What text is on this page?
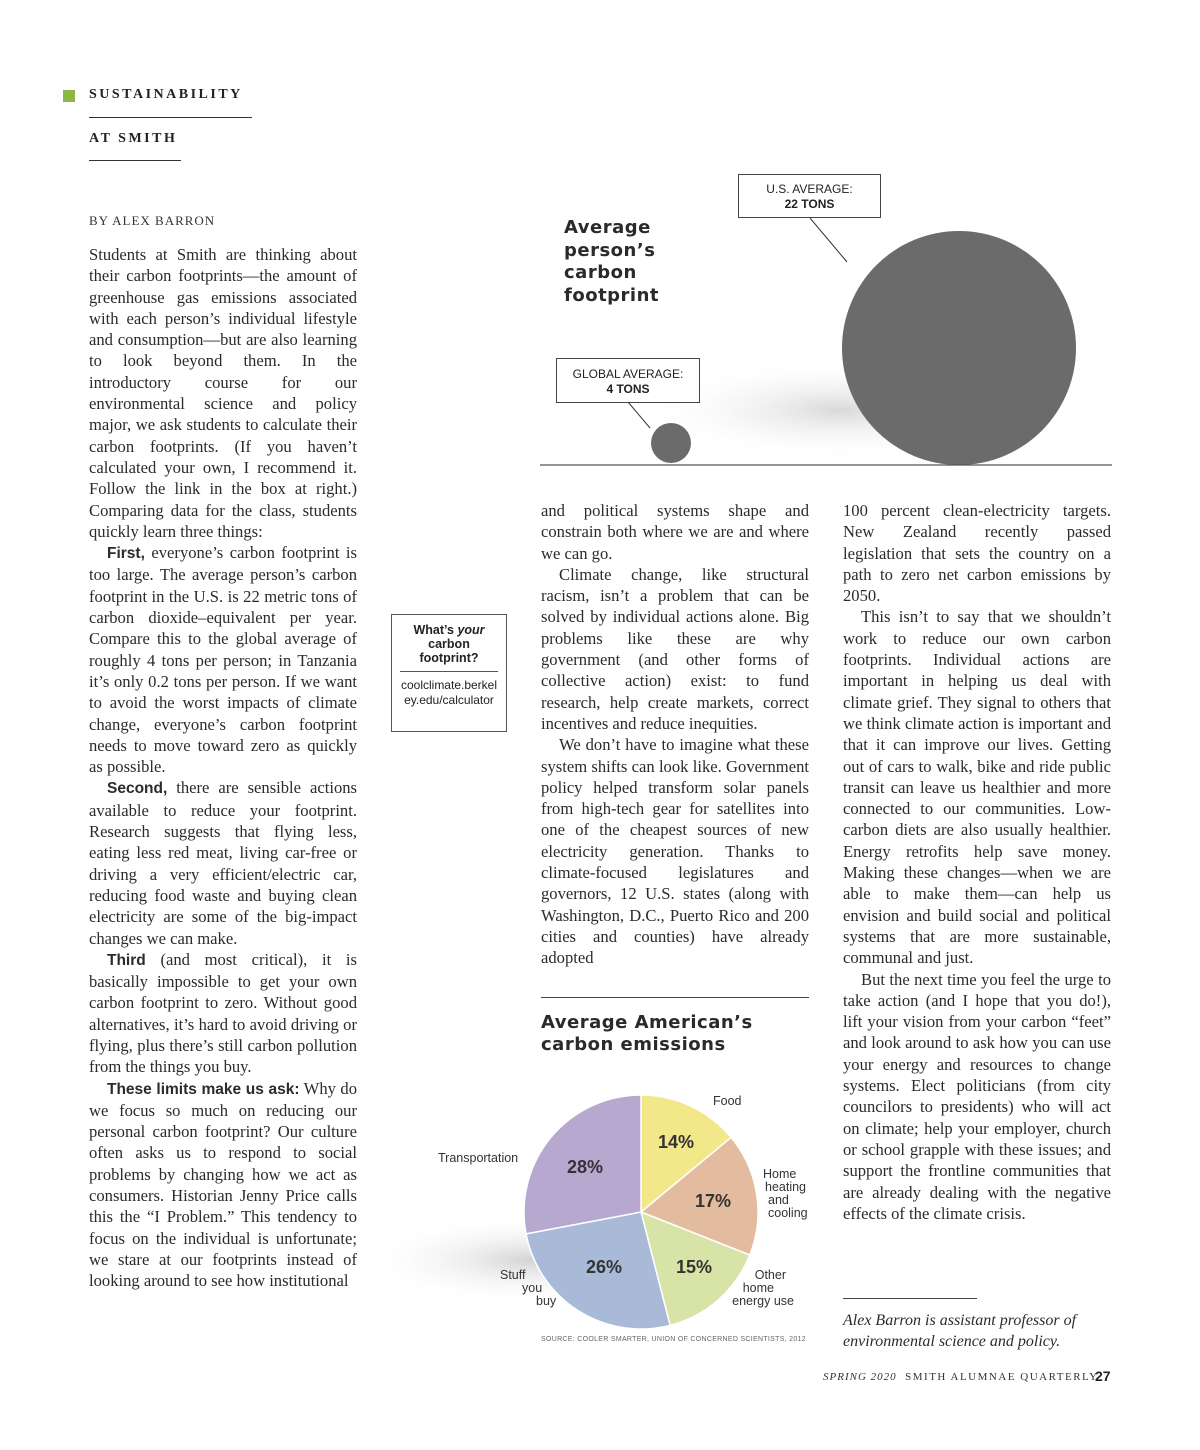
SUSTAINABILITY
AT SMITH
BY ALEX BARRON

Students at Smith are thinking about their carbon footprints—the amount of greenhouse gas emissions associated with each person’s individual lifestyle and consumption—but are also learning to look beyond them. In the introductory course for our environmental science and policy major, we ask students to calculate their carbon footprints. (If you haven’t calculated your own, I recommend it. Follow the link in the box at right.) Comparing data for the class, students quickly learn three things:

First, everyone’s carbon footprint is too large. The average person’s carbon footprint in the U.S. is 22 metric tons of carbon dioxide–equivalent per year. Compare this to the global average of roughly 4 tons per person; in Tanzania it’s only 0.2 tons per person. If we want to avoid the worst impacts of climate change, everyone’s carbon footprint needs to move toward zero as quickly as possible.

Second, there are sensible actions available to reduce your footprint. Research suggests that flying less, eating less red meat, living car-free or driving a very efficient/electric car, reducing food waste and buying clean electricity are some of the big-impact changes we can make.

Third (and most critical), it is basically impossible to get your own carbon footprint to zero. Without good alternatives, it’s hard to avoid driving or flying, plus there’s still carbon pollution from the things you buy.

These limits make us ask: Why do we focus so much on reducing our personal carbon footprint? Our culture often asks us to respond to social problems by changing how we act as consumers. Historian Jenny Price calls this the “I Problem.” This tendency to focus on the individual is unfortunate; we stare at our footprints instead of looking around to see how institutional

What’s your carbon footprint?
coolclimate.berkeley.edu/calculator
Average person’s carbon footprint
U.S. AVERAGE:
22 TONS
GLOBAL AVERAGE:
4 TONS

and political systems shape and constrain both where we are and where we can go.

Climate change, like structural racism, isn’t a problem that can be solved by individual actions alone. Big problems like these are why government (and other forms of collective action) exist: to fund research, help create markets, correct incentives and reduce inequities.

We don’t have to imagine what these system shifts can look like. Government policy helped transform solar panels from high-tech gear for satellites into one of the cheapest sources of new electricity generation. Thanks to climate-focused legislatures and governors, 12 U.S. states (along with Washington, D.C., Puerto Rico and 200 cities and counties) have already adopted

Average American’s carbon emissions
Food
Home
heating
and
cooling
Other
home
energy use
Stuff
you
buy
Transportation
14%
17%
15%
26%
28%
SOURCE: COOLER SMARTER, UNION OF CONCERNED SCIENTISTS, 2012

100 percent clean-electricity targets. New Zealand recently passed legislation that sets the country on a path to zero net carbon emissions by 2050.

This isn’t to say that we shouldn’t work to reduce our own carbon footprints. Individual actions are important in helping us deal with climate grief. They signal to others that we think climate action is important and that it can improve our lives. Getting out of cars to walk, bike and ride public transit can leave us healthier and more connected to our communities. Low-carbon diets are also usually healthier. Energy retrofits help save money. Making these changes—when we are able to make them—can help us envision and build social and political systems that are more sustainable, communal and just.

But the next time you feel the urge to take action (and I hope that you do!), lift your vision from your carbon “feet” and look around to ask how you can use your energy and resources to change systems. Elect politicians (from city councilors to presidents) who will act on climate; help your employer, church or school grapple with these issues; and support the frontline communities that are already dealing with the negative effects of the climate crisis.

Alex Barron is assistant professor of environmental science and policy.
SPRING 2020 SMITH ALUMNAE QUARTERLY
27
